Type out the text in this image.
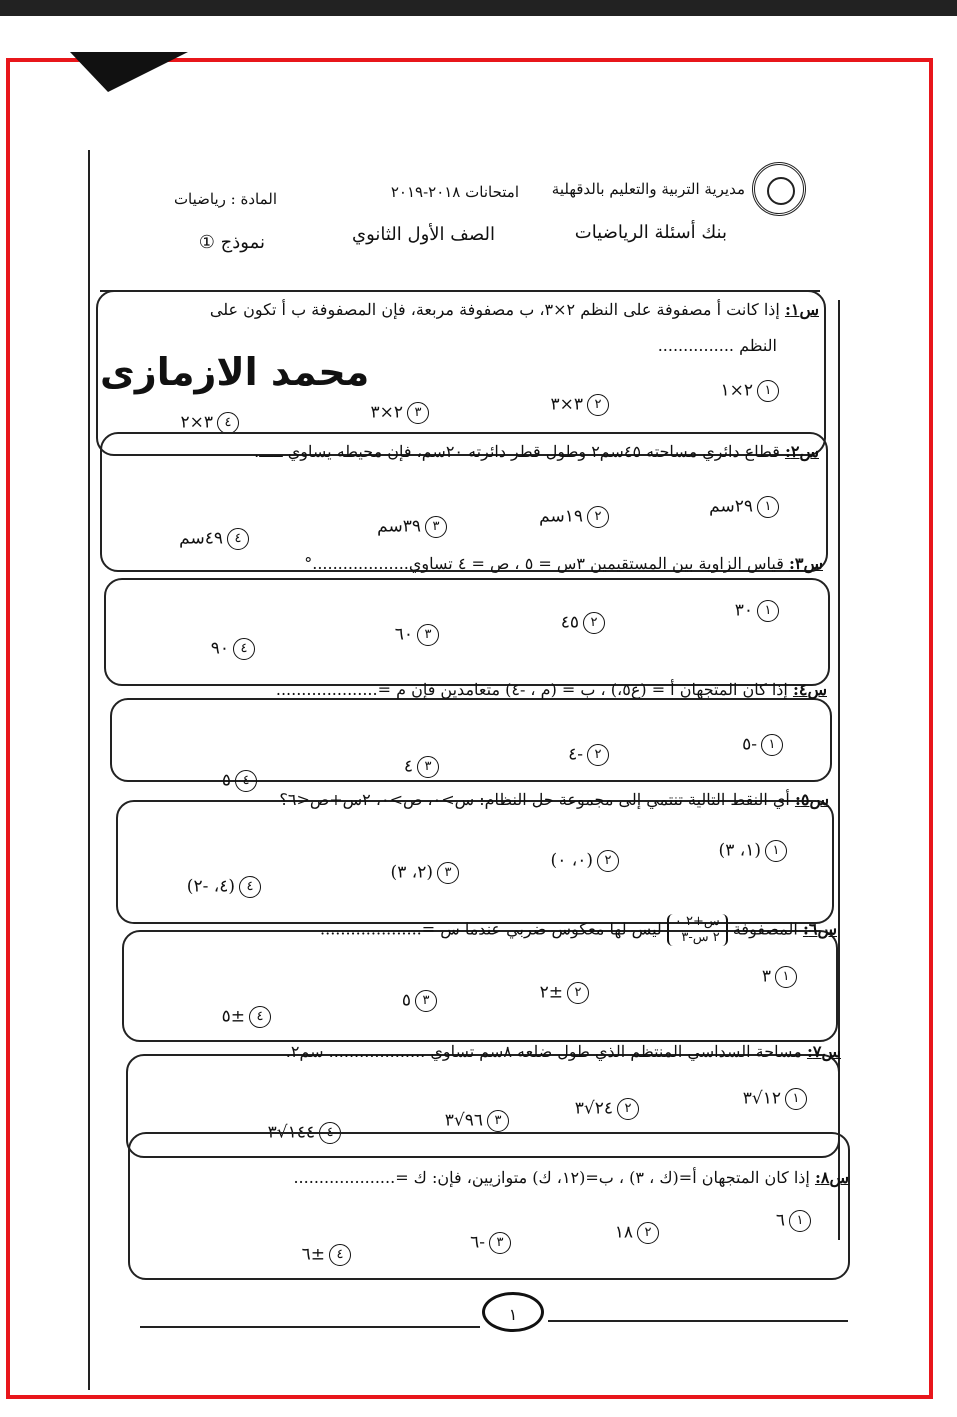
مديرية التربية والتعليم بالدقهلية
بنك أسئلة الرياضيات
امتحانات ٢٠١٨-٢٠١٩
الصف الأول الثانوي
المادة : رياضيات
نموذج ①
س١: إذا كانت أ مصفوفة على النظم ٢×٣، ب مصفوفة مربعة، فإن المصفوفة ب أ تكون على
النظم ...............
محمد الازمازى	١٢×١
٢٣×٣
٣٢×٣
٤٣×٢
س٢: قطاع دائري مساحته ٤٥سم٢ وطول قطر دائرته ٢٠سم، فإن محيطه يساوي ـــــ.
١٢٩سم
٢١٩سم
٣٣٩سم
٤٤٩سم
س٣: قياس الزاوية بين المستقيمين ٣س = ٥ ، ص = ٤ تساوي...................°
١٣٠
٢٤٥
٣٦٠
٤٩٠
س٤: إذا كان المتجهان أ = (ع٥،) ، ب = (م ، -٤) متعامدين فإن م =....................
١-٥
٢-٤
٣٤
٤٥
س٥: أي النقط التالية تنتمي إلى مجموعة حل النظام: س>٠، ص>٠، ٢س+ص<٦؟
١(١، ٣)
٢(٠، ٠)
٣(٢، ٣)
٤(٤، -٢)
س٦: المصفوفة
س+٢ ٠
٢ س-٣
ليس لها معكوس ضربي عندما س =....................
١٣
٢±٢
٣٥
٤±٥
س٧: مساحة السداسي المنتظم الذي طول ضلعه ٨سم تساوي ................... سم٢.
١١٢√٣
٢٢٤√٣
٣٩٦√٣
٤١٤٤√٣
س٨: إذا كان المتجهان أ=(ك ، ٣) ، ب=(١٢، ك) متوازيين، فإن: ك =....................
١٦
٢١٨
٣-٦
٤±٦
١
